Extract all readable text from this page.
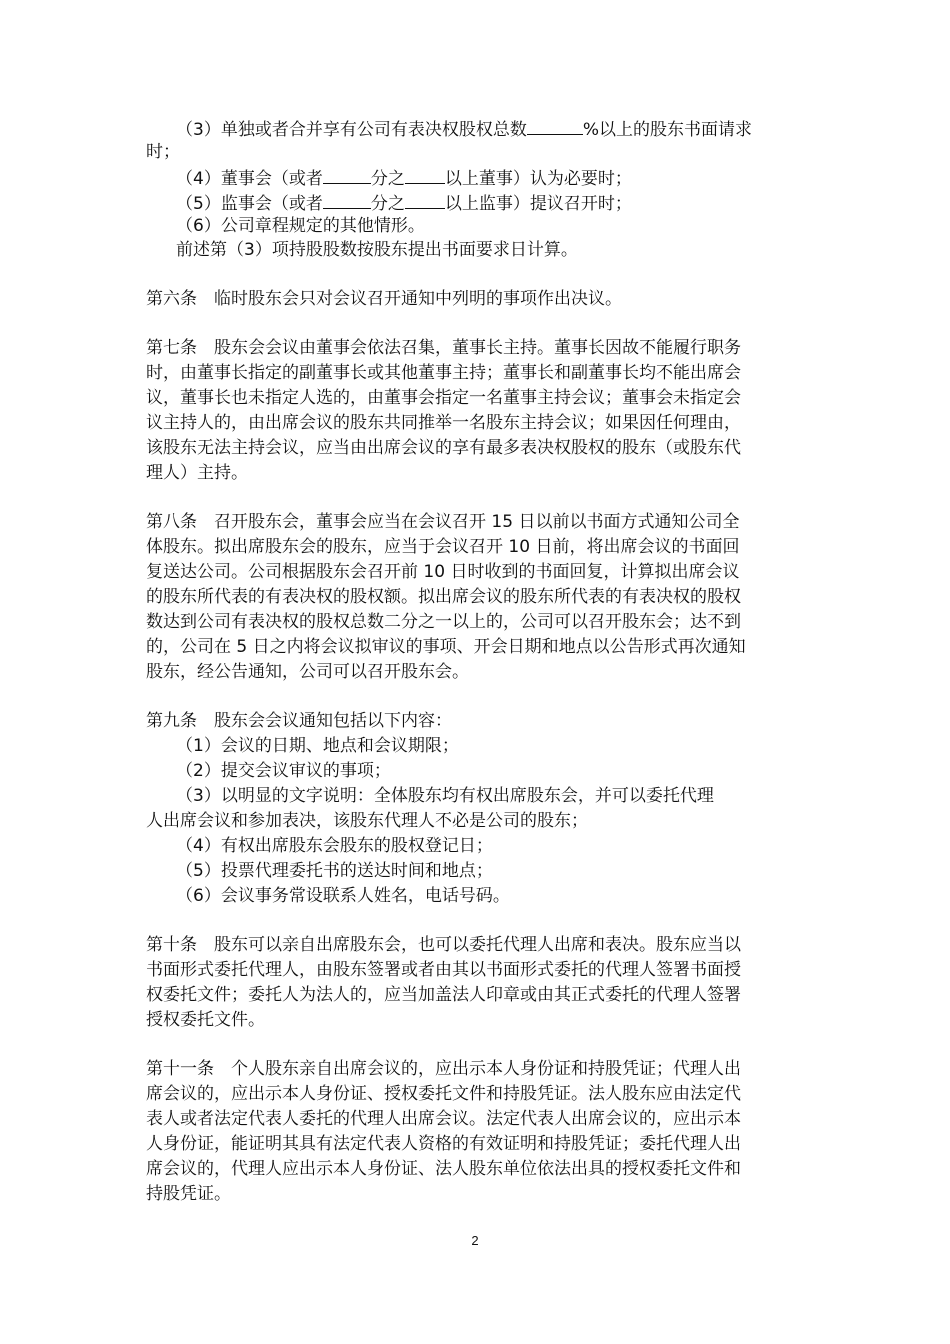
（3）单独或者合并享有公司有表决权股权总数	%以上的股东书面请求
时；
（4）董事会（或者	分之 以上董事）认为必要时；
（5）监事会（或者	分之 以上监事）提议召开时；
（6）公司章程规定的其他情形。
前述第（3）项持股股数按股东提出书面要求日计算。
第六条　临时股东会只对会议召开通知中列明的事项作出决议。
第七条　股东会会议由董事会依法召集，董事长主持。董事长因故不能履行职务
时，由董事长指定的副董事长或其他董事主持；董事长和副董事长均不能出席会
议，董事长也未指定人选的，由董事会指定一名董事主持会议；董事会未指定会
议主持人的，由出席会议的股东共同推举一名股东主持会议；如果因任何理由，
该股东无法主持会议，应当由出席会议的享有最多表决权股权的股东（或股东代
理人）主持。
第八条　召开股东会，董事会应当在会议召开 15 日以前以书面方式通知公司全
体股东。拟出席股东会的股东，应当于会议召开 10 日前，将出席会议的书面回
复送达公司。公司根据股东会召开前 10 日时收到的书面回复，计算拟出席会议
的股东所代表的有表决权的股权额。拟出席会议的股东所代表的有表决权的股权
数达到公司有表决权的股权总数二分之一以上的，公司可以召开股东会；达不到
的，公司在 5 日之内将会议拟审议的事项、开会日期和地点以公告形式再次通知
股东，经公告通知，公司可以召开股东会。
第九条　股东会会议通知包括以下内容：
（1）会议的日期、地点和会议期限；
（2）提交会议审议的事项；
（3）以明显的文字说明：全体股东均有权出席股东会，并可以委托代理
人出席会议和参加表决，该股东代理人不必是公司的股东；
（4）有权出席股东会股东的股权登记日；
（5）投票代理委托书的送达时间和地点；
（6）会议事务常设联系人姓名，电话号码。
第十条　股东可以亲自出席股东会，也可以委托代理人出席和表决。股东应当以
书面形式委托代理人，由股东签署或者由其以书面形式委托的代理人签署书面授
权委托文件；委托人为法人的，应当加盖法人印章或由其正式委托的代理人签署
授权委托文件。
第十一条　个人股东亲自出席会议的，应出示本人身份证和持股凭证；代理人出
席会议的，应出示本人身份证、授权委托文件和持股凭证。法人股东应由法定代
表人或者法定代表人委托的代理人出席会议。法定代表人出席会议的，应出示本
人身份证，能证明其具有法定代表人资格的有效证明和持股凭证；委托代理人出
席会议的，代理人应出示本人身份证、法人股东单位依法出具的授权委托文件和
持股凭证。
2
